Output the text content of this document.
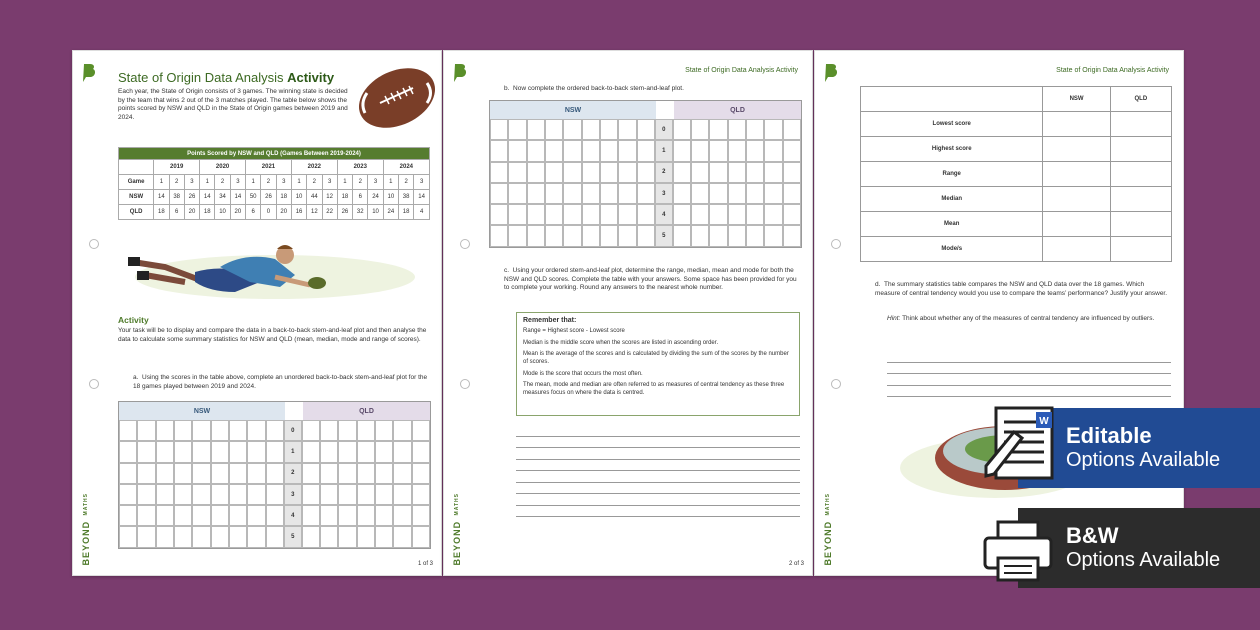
BEYOND MATHS
State of Origin Data Analysis Activity
Each year, the State of Origin consists of 3 games. The winning state is decided by the team that wins 2 out of the 3 matches played. The table below shows the points scored by NSW and QLD in the State of Origin games between 2019 and 2024.
Points Scored by NSW and QLD (Games Between 2019-2024)																		
	2019			2020			2021			2022			2023			2024		
Game	1	2	3	1	2	3	1	2	3	1	2	3	1	2	3	1	2	3
NSW	14	38	26	14	34	14	50	26	18	10	44	12	18	6	24	10	38	14
QLD	18	6	20	18	10	20	6	0	20	16	12	22	26	32	10	24	18	4
Activity
Your task will be to display and compare the data in a back-to-back stem-and-leaf plot and then analyse the data to calculate some summary statistics for NSW and QLD (mean, median, mode and range of scores).
a.  Using the scores in the table above, complete an unordered back-to-back stem-and-leaf plot for the 18 games played between 2019 and 2024.
NSW	QLD
0
1
2
3
4
5
1 of 3 BEYOND MATHS
State of Origin Data Analysis Activity
b.  Now complete the ordered back-to-back stem-and-leaf plot.
NSW	QLD
0
1
2
3
4
5
c.  Using your ordered stem-and-leaf plot, determine the range, median, mean and mode for both the NSW and QLD scores. Complete the table with your answers. Some space has been provided for you to complete your working. Round any answers to the nearest whole number.

Remember that:

Range = Highest score - Lowest score

Median is the middle score when the scores are listed in ascending order.

Mean is the average of the scores and is calculated by dividing the sum of the scores by the number of scores.

Mode is the score that occurs the most often.

The mean, mode and median are often referred to as measures of central tendency as these three measures focus on where the data is centred.

2 of 3 BEYOND MATHS
State of Origin Data Analysis Activity
	NSW	QLD
Lowest score		
Highest score		
Range		
Median		
Mean		
Mode/s		
d.  The summary statistics table compares the NSW and QLD data over the 18 games. Which measure of central tendency would you use to compare the teams’ performance? Justify your answer.
Hint: Think about whether any of the measures of central tendency are influenced by outliers.
W
Editable
Options Available
B&W
Options Available
